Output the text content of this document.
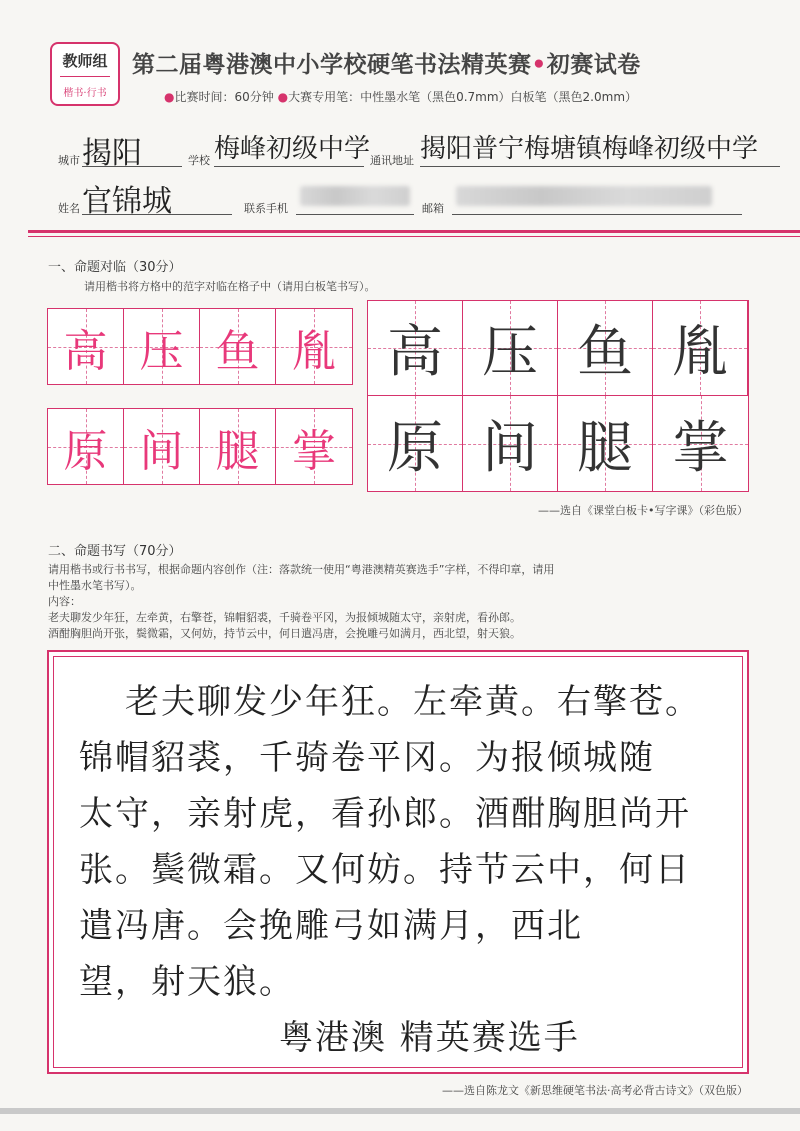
教师组
楷书·行书
第二届粤港澳中小学校硬笔书法精英赛•初赛试卷
●比赛时间：60分钟 ●大赛专用笔：中性墨水笔（黑色0.7mm）白板笔（黑色2.0mm）
城市 揭阳	学校 梅峰初级中学 通讯地址 揭阳普宁梅塘镇梅峰初级中学
姓名 官锦城	联系手机	邮箱
一、命题对临（30分）
请用楷书将方格中的范字对临在格子中（请用白板笔书写）。
高 压 鱼 胤
原 间 腿 掌
高 压 鱼 胤
原 间 腿 掌
——选自《课堂白板卡•写字课》（彩色版）
二、命题书写（70分）
请用楷书或行书书写，根据命题内容创作（注：落款统一使用“粤港澳精英赛选手”字样，不得印章，请用
中性墨水笔书写）。
内容：
老夫聊发少年狂，左牵黄，右擎苍，锦帽貂裘，千骑卷平冈，为报倾城随太守，亲射虎，看孙郎。
酒酣胸胆尚开张，鬓微霜，又何妨，持节云中，何日遣冯唐，会挽雕弓如满月，西北望，射天狼。
老夫聊发少年狂。左牵黄。右擎苍。
锦帽貂裘，千骑卷平冈。为报倾城随
太守，亲射虎，看孙郎。酒酣胸胆尚开
张。鬓微霜。又何妨。持节云中，何日
遣冯唐。会挽雕弓如满月，西北
望，射天狼。
粤港澳 精英赛选手
——选自陈龙文《新思维硬笔书法·高考必背古诗文》（双色版）
